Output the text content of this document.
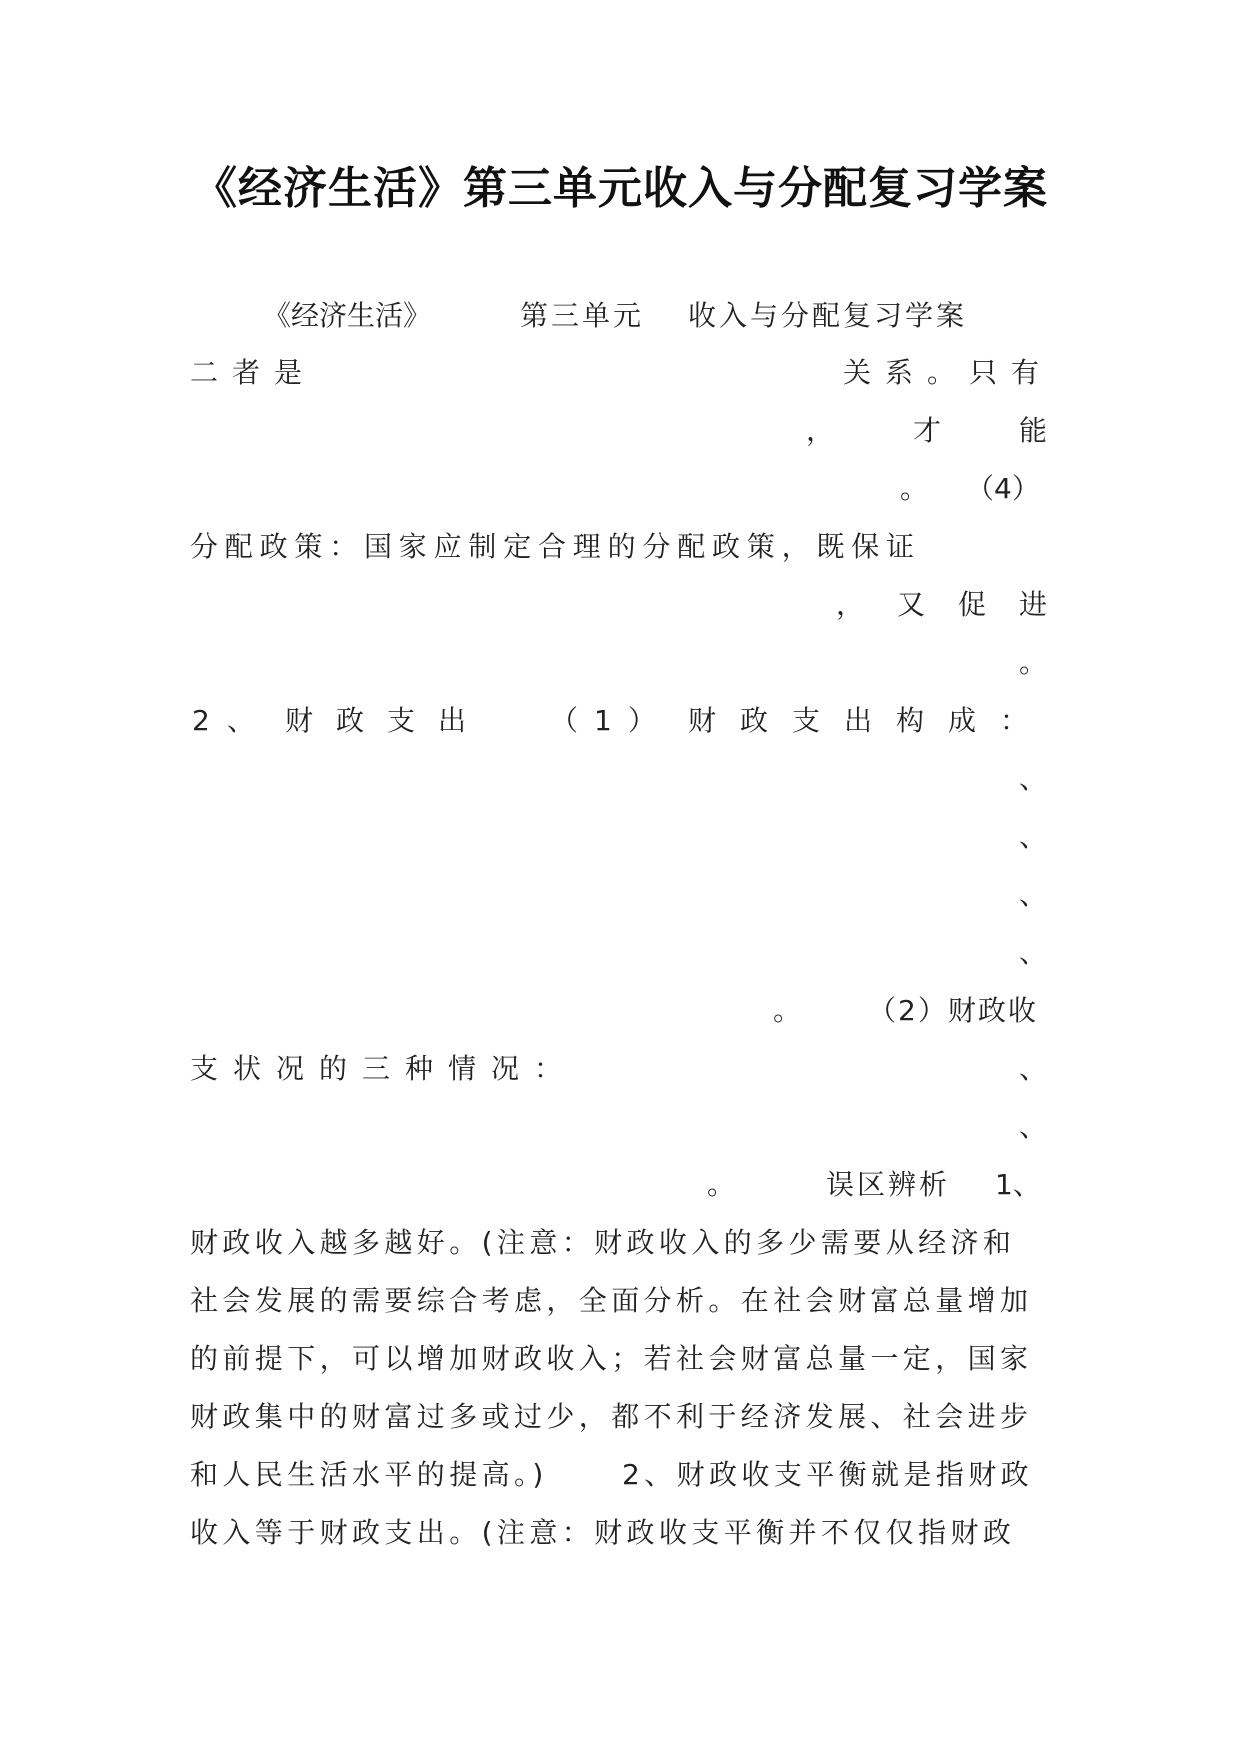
《经济生活》第三单元收入与分配复习学案
《经济生活》	第三单元 收入与分配复习学案
二者是	关系。只有
，	才	能
。 （4）
分配政策：国家应制定合理的分配政策，既保证
， 又 促 进
。
2 、 财政支出 （1） 财政支出构成：
、
、
、
、
。 （2）财政收
支状况的三种情况：	、
、
。	误区辨析 1、
财政收入越多越好。(注意：财政收入的多少需要从经济和
社会发展的需要综合考虑，全面分析。在社会财富总量增加
的前提下，可以增加财政收入；若社会财富总量一定，国家
财政集中的财富过多或过少，都不利于经济发展、社会进步
和人民生活水平的提高。)	2、财政收支平衡就是指财政
收入等于财政支出。(注意：财政收支平衡并不仅仅指财政
